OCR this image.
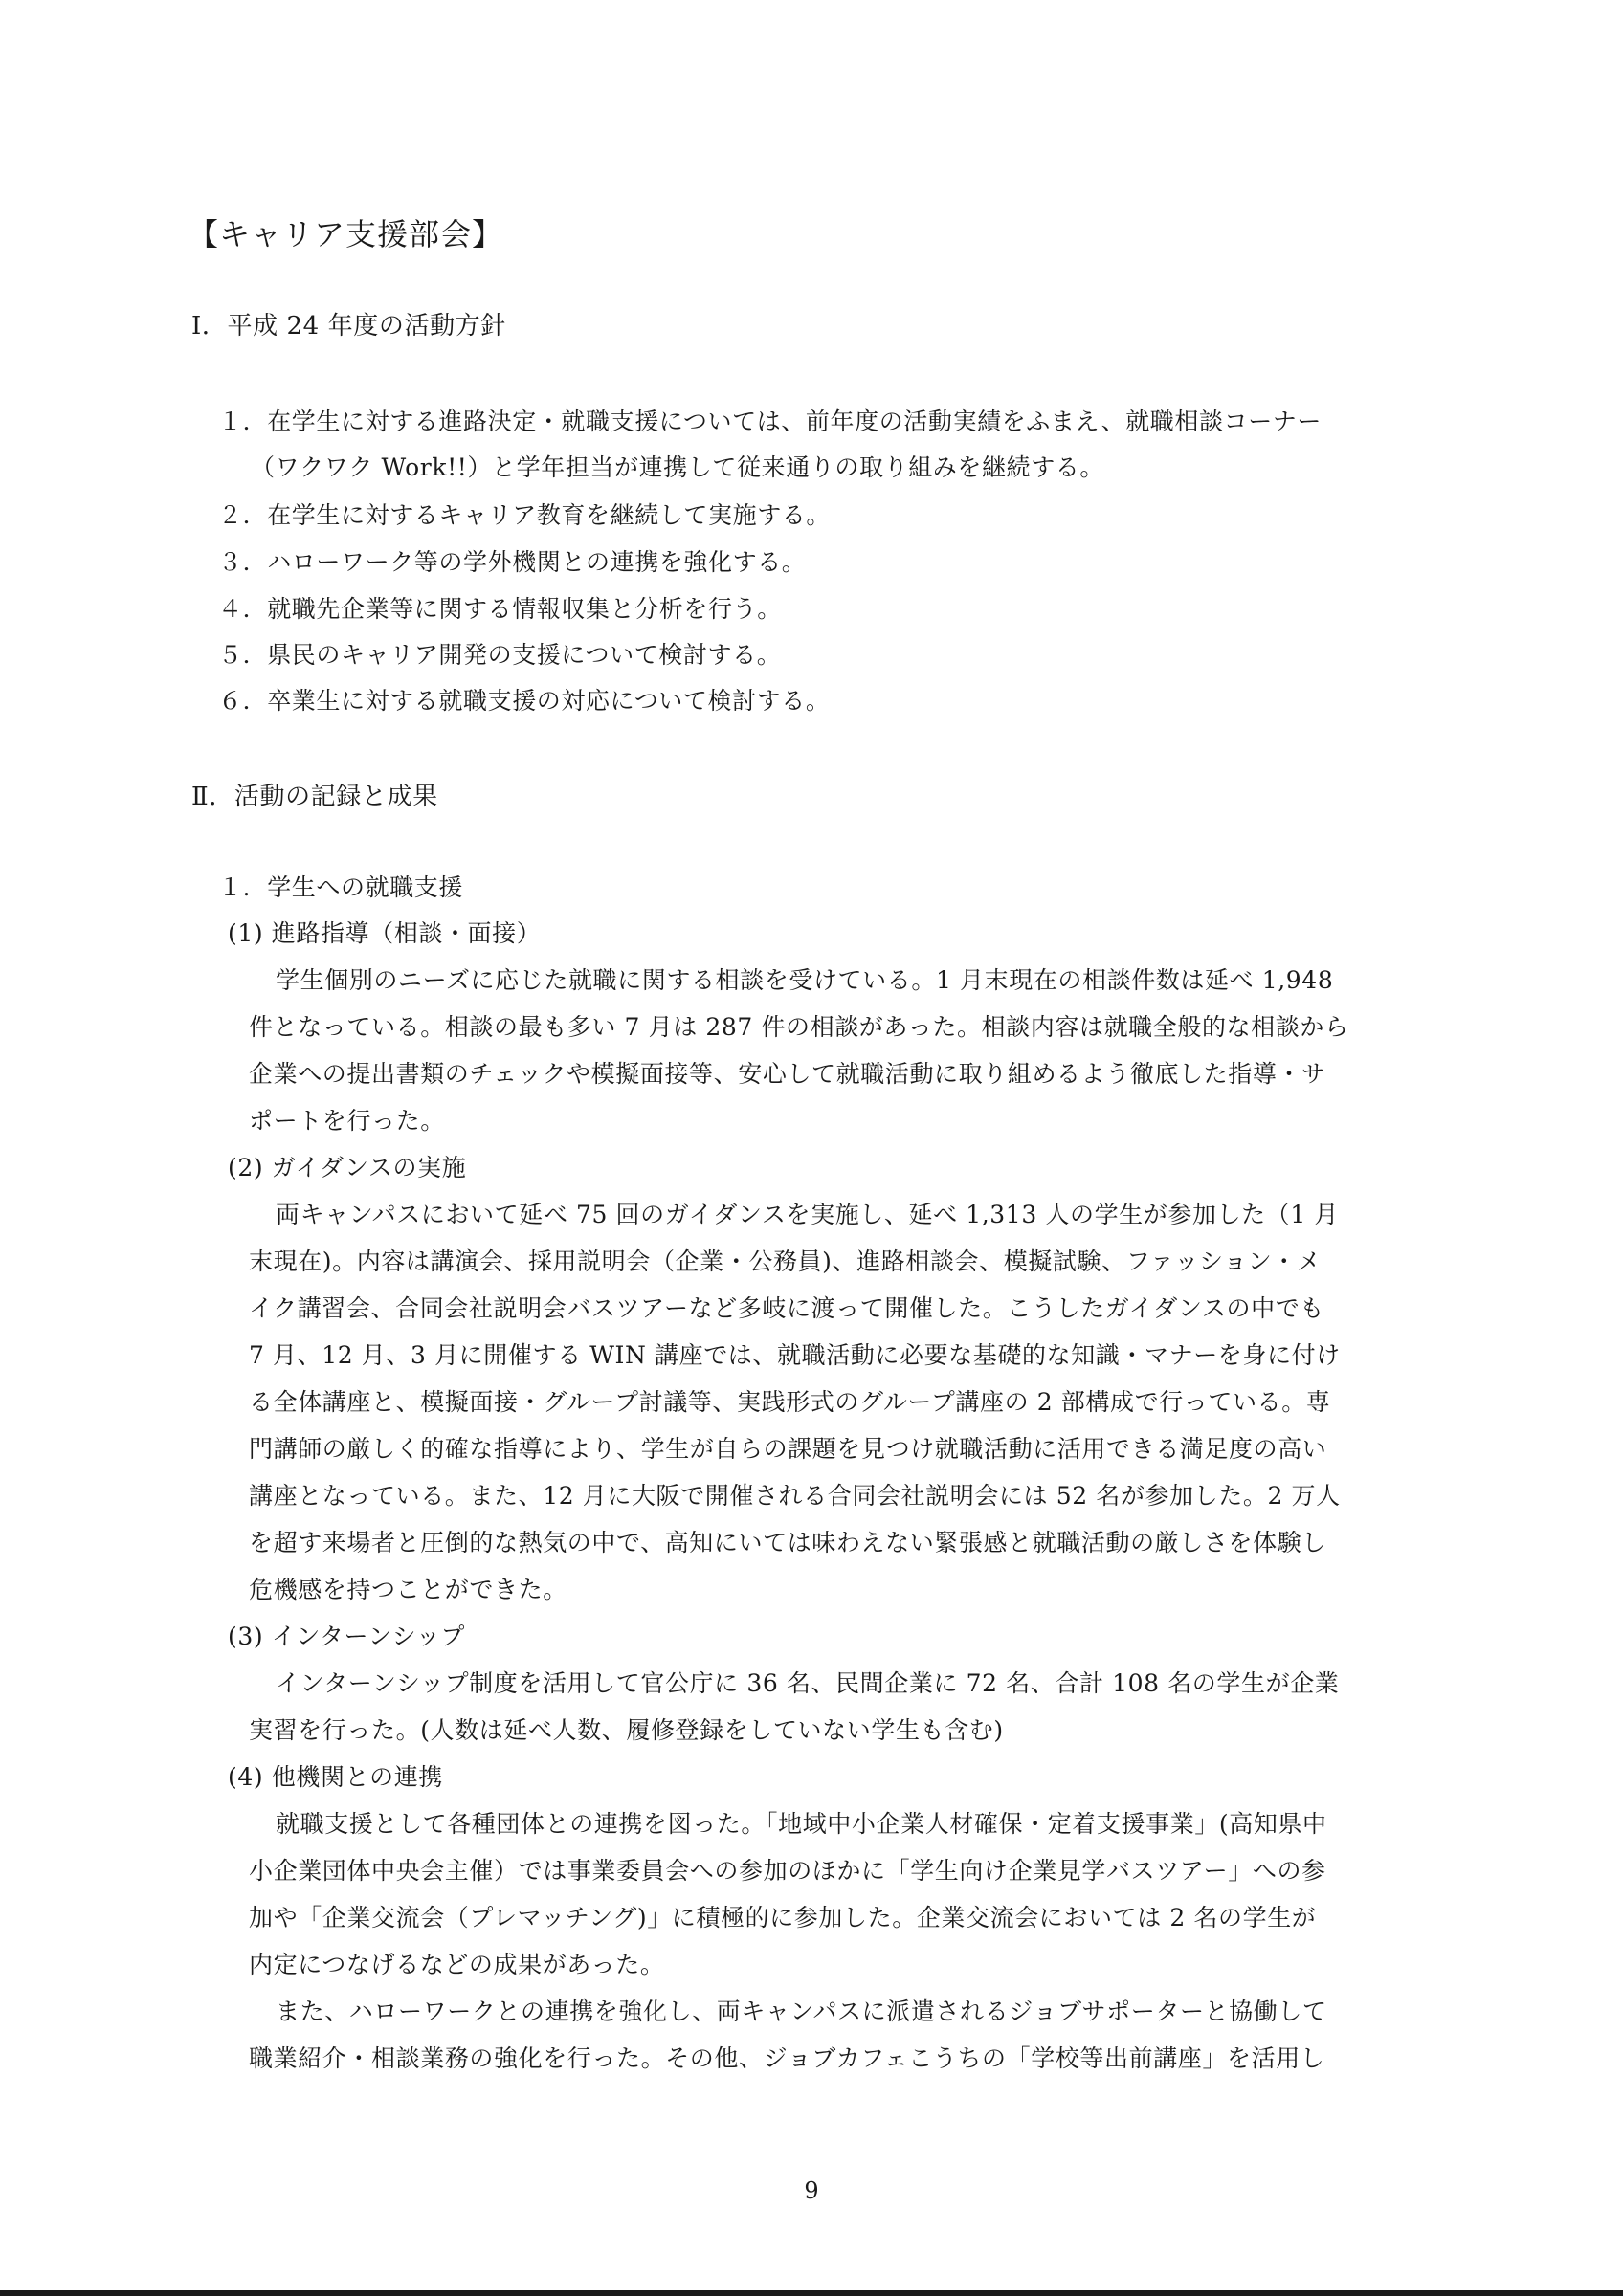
【キャリア支援部会】
Ⅰ．平成 24 年度の活動方針
１．在学生に対する進路決定・就職支援については、前年度の活動実績をふまえ、就職相談コーナー
（ワクワク Work!!）と学年担当が連携して従来通りの取り組みを継続する。
２．在学生に対するキャリア教育を継続して実施する。
３．ハローワーク等の学外機関との連携を強化する。
４．就職先企業等に関する情報収集と分析を行う。
５．県民のキャリア開発の支援について検討する。
６．卒業生に対する就職支援の対応について検討する。
Ⅱ．活動の記録と成果
１．学生への就職支援
(1) 進路指導（相談・面接）
学生個別のニーズに応じた就職に関する相談を受けている。1 月末現在の相談件数は延べ 1,948
件となっている。相談の最も多い 7 月は 287 件の相談があった。相談内容は就職全般的な相談から
企業への提出書類のチェックや模擬面接等、安心して就職活動に取り組めるよう徹底した指導・サ
ポートを行った。
(2) ガイダンスの実施
両キャンパスにおいて延べ 75 回のガイダンスを実施し、延べ 1,313 人の学生が参加した（1 月
末現在)。内容は講演会、採用説明会（企業・公務員)、進路相談会、模擬試験、ファッション・メ
イク講習会、合同会社説明会バスツアーなど多岐に渡って開催した。こうしたガイダンスの中でも
7 月、12 月、3 月に開催する WIN 講座では、就職活動に必要な基礎的な知識・マナーを身に付け
る全体講座と、模擬面接・グループ討議等、実践形式のグループ講座の 2 部構成で行っている。専
門講師の厳しく的確な指導により、学生が自らの課題を見つけ就職活動に活用できる満足度の高い
講座となっている。また、12 月に大阪で開催される合同会社説明会には 52 名が参加した。2 万人
を超す来場者と圧倒的な熱気の中で、高知にいては味わえない緊張感と就職活動の厳しさを体験し
危機感を持つことができた。
(3) インターンシップ
インターンシップ制度を活用して官公庁に 36 名、民間企業に 72 名、合計 108 名の学生が企業
実習を行った。(人数は延べ人数、履修登録をしていない学生も含む)
(4) 他機関との連携
就職支援として各種団体との連携を図った。「地域中小企業人材確保・定着支援事業」(高知県中
小企業団体中央会主催）では事業委員会への参加のほかに「学生向け企業見学バスツアー」への参
加や「企業交流会（プレマッチング)」に積極的に参加した。企業交流会においては 2 名の学生が
内定につなげるなどの成果があった。
また、ハローワークとの連携を強化し、両キャンパスに派遣されるジョブサポーターと協働して
職業紹介・相談業務の強化を行った。その他、ジョブカフェこうちの「学校等出前講座」を活用し
9
